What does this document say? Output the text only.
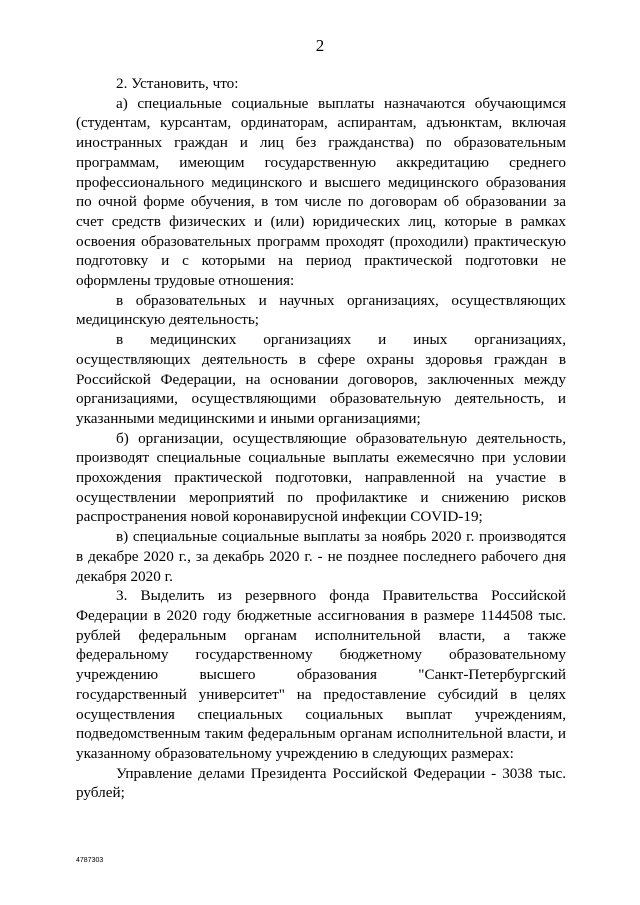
2

2. Установить, что:

а) специальные социальные выплаты назначаются обучающимся (студентам, курсантам, ординаторам, аспирантам, адъюнктам, включая иностранных граждан и лиц без гражданства) по образовательным программам, имеющим государственную аккредитацию среднего профессионального медицинского и высшего медицинского образования по очной форме обучения, в том числе по договорам об образовании за счет средств физических и (или) юридических лиц, которые в рамках освоения образовательных программ проходят (проходили) практическую подготовку и с которыми на период практической подготовки не оформлены трудовые отношения:

в образовательных и научных организациях, осуществляющих медицинскую деятельность;

в медицинских организациях и иных организациях, осуществляющих деятельность в сфере охраны здоровья граждан в Российской Федерации, на основании договоров, заключенных между организациями, осуществляющими образовательную деятельность, и указанными медицинскими и иными организациями;

б) организации, осуществляющие образовательную деятельность, производят специальные социальные выплаты ежемесячно при условии прохождения практической подготовки, направленной на участие в осуществлении мероприятий по профилактике и снижению рисков распространения новой коронавирусной инфекции COVID-19;

в) специальные социальные выплаты за ноябрь 2020 г. производятся в декабре 2020 г., за декабрь 2020 г. - не позднее последнего рабочего дня декабря 2020 г.

3. Выделить из резервного фонда Правительства Российской Федерации в 2020 году бюджетные ассигнования в размере 1144508 тыс. рублей федеральным органам исполнительной власти, а также федеральному государственному бюджетному образовательному учреждению высшего образования "Санкт-Петербургский государственный университет" на предоставление субсидий в целях осуществления специальных социальных выплат учреждениям, подведомственным таким федеральным органам исполнительной власти, и указанному образовательному учреждению в следующих размерах:

Управление делами Президента Российской Федерации - 3038 тыс. рублей;

4787303
